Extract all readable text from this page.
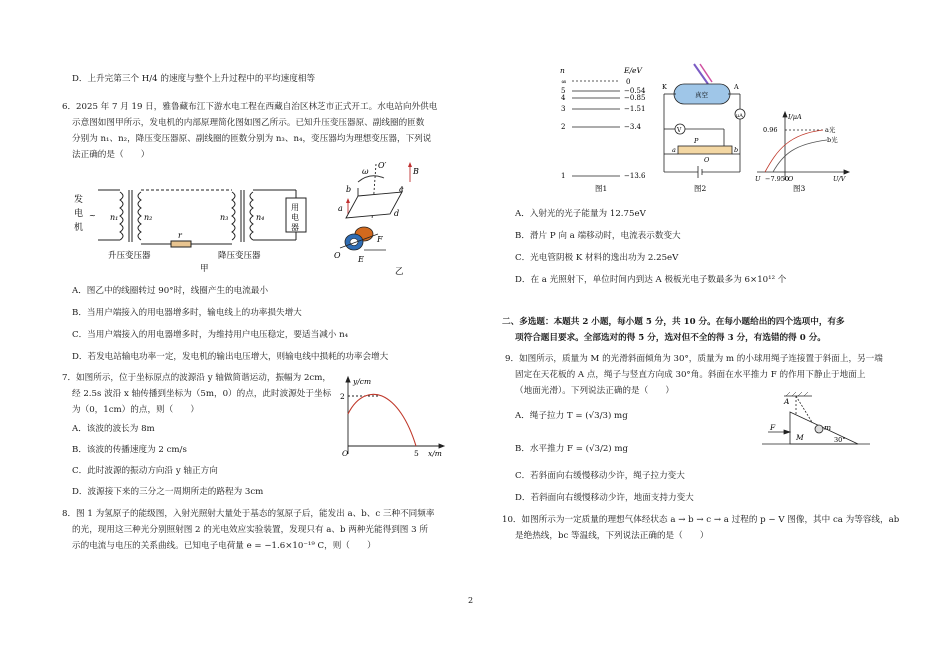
D．上升完第三个 H/4 的速度与整个上升过程中的平均速度相等
6．2025 年 7 月 19 日，雅鲁藏布江下游水电工程在西藏自治区林芝市正式开工。水电站向外供电
示意图如图甲所示，发电机的内部原理简化图如图乙所示。已知升压变压器原、副线圈的匝数
分别为 n₁、n₂，降压变压器原、副线圈的匝数分别为 n₃、n₄，变压器均为理想变压器，下列说
法正确的是（　　）
发
电
机
~ n₁	n₂
r
n₃	n₄
用
电
器
升压变压器	降压变压器
甲
ω
O′
B
b	c
a
d
F
O E
乙
A．图乙中的线圈转过 90°时，线圈产生的电流最小
B．当用户端接入的用电器增多时，输电线上的功率损失增大
C．当用户端接入的用电器增多时，为维持用户电压稳定，要适当减小 n₄
D．若发电站输电功率一定，发电机的输出电压增大，则输电线中损耗的功率会增大
7．如图所示，位于坐标原点的波源沿 y 轴做简谐运动，振幅为 2cm，
经 2.5s 波沿 x 轴传播到坐标为（5m，0）的点，此时波源处于坐标
为（0，1cm）的点，则（　　）
A．该波的波长为 8m
B．该波的传播速度为 2 cm/s
C．此时波源的振动方向沿 y 轴正方向
D．波源接下来的三分之一周期所走的路程为 3cm
y/cm
2
O	5 x/m
8．图 1 为氢原子的能级图，入射光照射大量处于基态的氢原子后，能发出 a、b、c 三种不同频率
的光，现用这三种光分别照射图 2 的光电效应实验装置，发现只有 a、b 两种光能得到图 3 所
示的电流与电压的关系曲线。已知电子电荷量 e = −1.6×10⁻¹⁹ C，则（　　）
n	E/eV
∞	0
5	−0.54
4	−0.85
3	−1.51
2	−3.4
1	−13.6
图1
真空
K	A
V
μA
P
O
a	b
图2
I/μA
0.96	a光
b光
U −7.950
O	U/V
图3
A．入射光的光子能量为 12.75eV
B．滑片 P 向 a 端移动时，电流表示数变大
C．光电管阴极 K 材料的逸出功为 2.25eV
D．在 a 光照射下，单位时间内到达 A 极板光电子数最多为 6×10¹² 个
二、多选题：本题共 2 小题，每小题 5 分，共 10 分。在每小题给出的四个选项中，有多
项符合题目要求。全部选对的得 5 分，选对但不全的得 3 分，有选错的得 0 分。
9．如图所示，质量为 M 的光滑斜面倾角为 30°，质量为 m 的小球用绳子连接置于斜面上，另一端
固定在天花板的 A 点，绳子与竖直方向成 30°角。斜面在水平推力 F 的作用下静止于地面上
（地面光滑）。下列说法正确的是（　　）
A．绳子拉力 T = (√3/3) mg
B．水平推力 F = (√3/2) mg
C．若斜面向右缓慢移动少许，绳子拉力变大
D．若斜面向右缓慢移动少许，地面支持力变大
A
F	m
M	30°
10．如图所示为一定质量的理想气体经状态 a → b → c → a 过程的 p − V 图像，其中 ca 为等容线，ab
是绝热线，bc 等温线，下列说法正确的是（　　）
2
